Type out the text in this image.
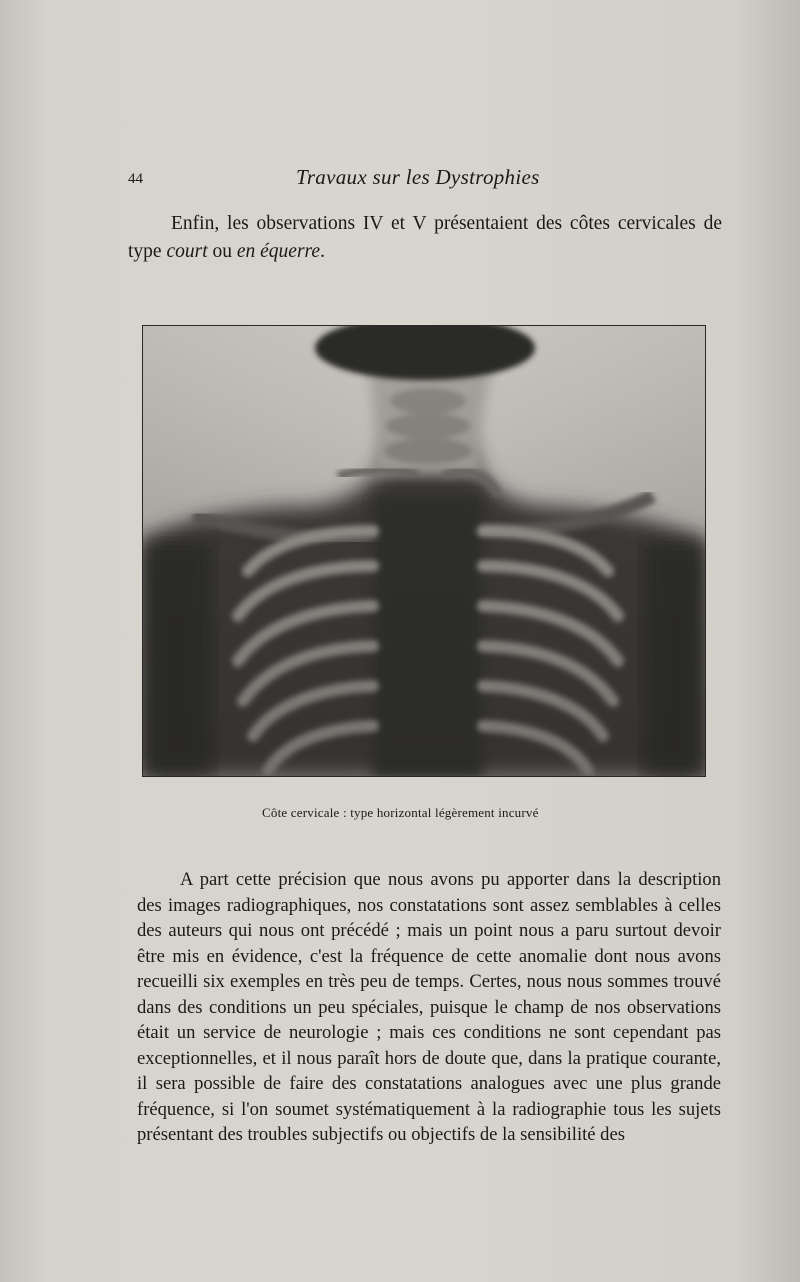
44	Travaux sur les Dystrophies

Enfin, les observations IV et V présentaient des côtes cervicales de type court ou en équerre.

Côte cervicale : type horizontal légèrement incurvé

A part cette précision que nous avons pu apporter dans la description des images radiographiques, nos constatations sont assez semblables à celles des auteurs qui nous ont précédé ; mais un point nous a paru surtout devoir être mis en évidence, c'est la fréquence de cette anomalie dont nous avons recueilli six exemples en très peu de temps. Certes, nous nous sommes trouvé dans des conditions un peu spéciales, puisque le champ de nos observations était un service de neurologie ; mais ces conditions ne sont cependant pas exceptionnelles, et il nous paraît hors de doute que, dans la pratique courante, il sera possible de faire des constatations analogues avec une plus grande fréquence, si l'on soumet systématiquement à la radiographie tous les sujets présentant des troubles subjectifs ou objectifs de la sensibilité des
